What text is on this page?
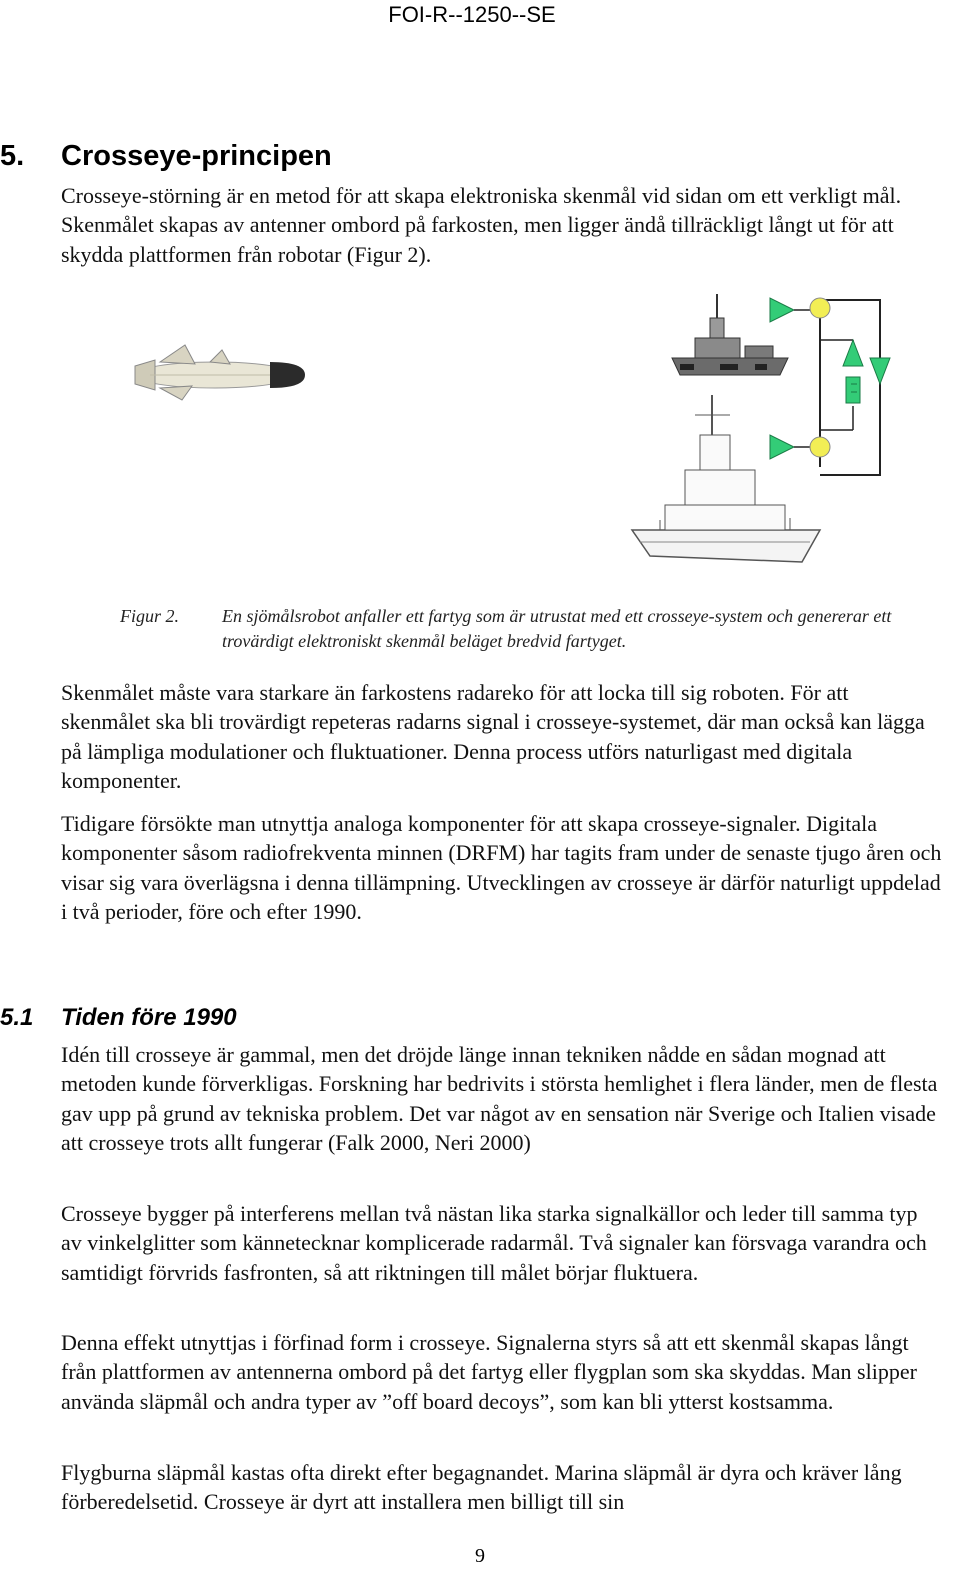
FOI-R--1250--SE
5. Crosseye-principen
Crosseye-störning är en metod för att skapa elektroniska skenmål vid sidan om ett verkligt mål. Skenmålet skapas av antenner ombord på farkosten, men ligger ändå tillräckligt långt ut för att skydda plattformen från robotar (Figur 2).
Figur 2. En sjömålsrobot anfaller ett fartyg som är utrustat med ett crosseye-system och genererar ett trovärdigt elektroniskt skenmål beläget bredvid fartyget.
Skenmålet måste vara starkare än farkostens radareko för att locka till sig roboten. För att skenmålet ska bli trovärdigt repeteras radarns signal i crosseye-systemet, där man också kan lägga på lämpliga modulationer och fluktuationer. Denna process utförs naturligast med digitala komponenter.
Tidigare försökte man utnyttja analoga komponenter för att skapa crosseye-signaler. Digitala komponenter såsom radiofrekventa minnen (DRFM) har tagits fram under de senaste tjugo åren och visar sig vara överlägsna i denna tillämpning. Utvecklingen av crosseye är därför naturligt uppdelad i två perioder, före och efter 1990.
5.1 Tiden före 1990
Idén till crosseye är gammal, men det dröjde länge innan tekniken nådde en sådan mognad att metoden kunde förverkligas. Forskning har bedrivits i största hemlighet i flera länder, men de flesta gav upp på grund av tekniska problem. Det var något av en sensation när Sverige och Italien visade att crosseye trots allt fungerar (Falk 2000, Neri 2000)
Crosseye bygger på interferens mellan två nästan lika starka signalkällor och leder till samma typ av vinkelglitter som kännetecknar komplicerade radarmål. Två signaler kan försvaga varandra och samtidigt förvrids fasfronten, så att riktningen till målet börjar fluktuera.
Denna effekt utnyttjas i förfinad form i crosseye. Signalerna styrs så att ett skenmål skapas långt från plattformen av antennerna ombord på det fartyg eller flygplan som ska skyddas. Man slipper använda släpmål och andra typer av ”off board decoys”, som kan bli ytterst kostsamma.
Flygburna släpmål kastas ofta direkt efter begagnandet. Marina släpmål är dyra och kräver lång förberedelsetid. Crosseye är dyrt att installera men billigt till sin
9
